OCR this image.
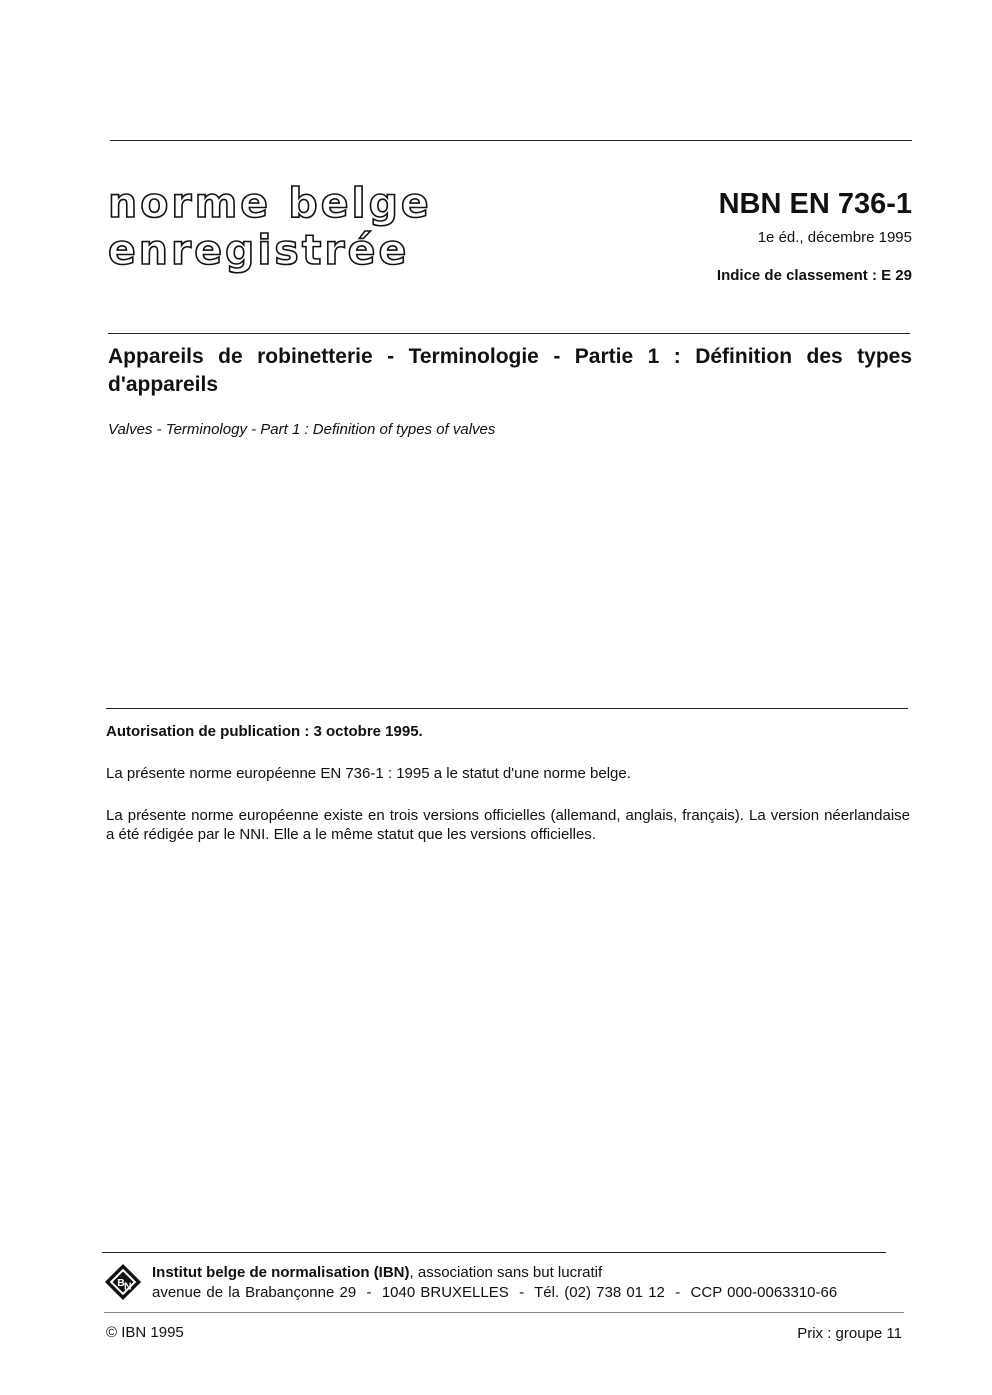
norme belge

enregistrée

NBN EN 736-1

1e éd., décembre 1995
Indice de classement : E 29

Appareils de robinetterie - Terminologie - Partie 1 : Définition des types d'appareils

Valves - Terminology - Part 1 : Definition of types of valves
Autorisation de publication : 3 octobre 1995.
La présente norme européenne EN 736-1 : 1995 a le statut d'une norme belge.
La présente norme européenne existe en trois versions officielles (allemand, anglais, français). La version néerlandaise a été rédigée par le NNI. Elle a le même statut que les versions officielles.
B N
Institut belge de normalisation (IBN), association sans but lucratif
avenue de la Brabançonne 29  -  1040 BRUXELLES  -  Tél. (02) 738 01 12  -  CCP 000-0063310-66
© IBN 1995	Prix : groupe 11
